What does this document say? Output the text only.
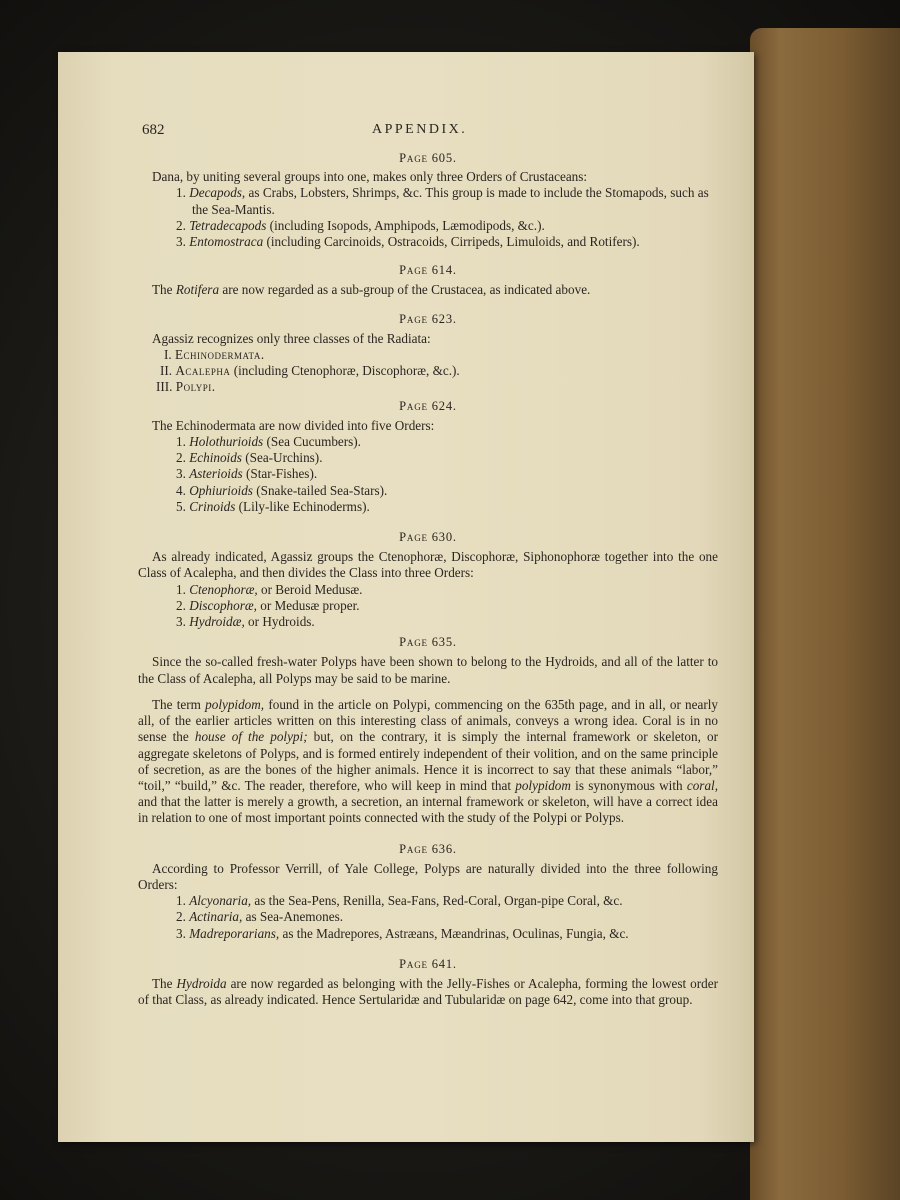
682	APPENDIX.

Page 605.

Dana, by uniting several groups into one, makes only three Orders of Crustaceans:

1. Decapods, as Crabs, Lobsters, Shrimps, &c. This group is made to include the Stomapods, such as the Sea-Mantis.

2. Tetradecapods (including Isopods, Amphipods, Læmodipods, &c.).

3. Entomostraca (including Carcinoids, Ostracoids, Cirripeds, Limuloids, and Rotifers).

Page 614.

The Rotifera are now regarded as a sub-group of the Crustacea, as indicated above.

Page 623.

Agassiz recognizes only three classes of the Radiata:

I. Echinodermata.

II. Acalepha (including Ctenophoræ, Discophoræ, &c.).

III. Polypi.

Page 624.

The Echinodermata are now divided into five Orders:

1. Holothurioids (Sea Cucumbers).

2. Echinoids (Sea-Urchins).

3. Asterioids (Star-Fishes).

4. Ophiurioids (Snake-tailed Sea-Stars).

5. Crinoids (Lily-like Echinoderms).

Page 630.

As already indicated, Agassiz groups the Ctenophoræ, Discophoræ, Siphonophoræ together into the one Class of Acalepha, and then divides the Class into three Orders:

1. Ctenophoræ, or Beroid Medusæ.

2. Discophoræ, or Medusæ proper.

3. Hydroidæ, or Hydroids.

Page 635.

Since the so-called fresh-water Polyps have been shown to belong to the Hydroids, and all of the latter to the Class of Acalepha, all Polyps may be said to be marine.

The term polypidom, found in the article on Polypi, commencing on the 635th page, and in all, or nearly all, of the earlier articles written on this interesting class of animals, conveys a wrong idea. Coral is in no sense the house of the polypi; but, on the contrary, it is simply the internal framework or skeleton, or aggregate skeletons of Polyps, and is formed entirely independent of their volition, and on the same principle of secretion, as are the bones of the higher animals. Hence it is incorrect to say that these animals “labor,” “toil,” “build,” &c. The reader, therefore, who will keep in mind that polypidom is synonymous with coral, and that the latter is merely a growth, a secretion, an internal framework or skeleton, will have a correct idea in relation to one of most important points connected with the study of the Polypi or Polyps.

Page 636.

According to Professor Verrill, of Yale College, Polyps are naturally divided into the three following Orders:

1. Alcyonaria, as the Sea-Pens, Renilla, Sea-Fans, Red-Coral, Organ-pipe Coral, &c.

2. Actinaria, as Sea-Anemones.

3. Madreporarians, as the Madrepores, Astræans, Mæandrinas, Oculinas, Fungia, &c.

Page 641.

The Hydroida are now regarded as belonging with the Jelly-Fishes or Acalepha, forming the lowest order of that Class, as already indicated. Hence Sertularidæ and Tubularidæ on page 642, come into that group.
